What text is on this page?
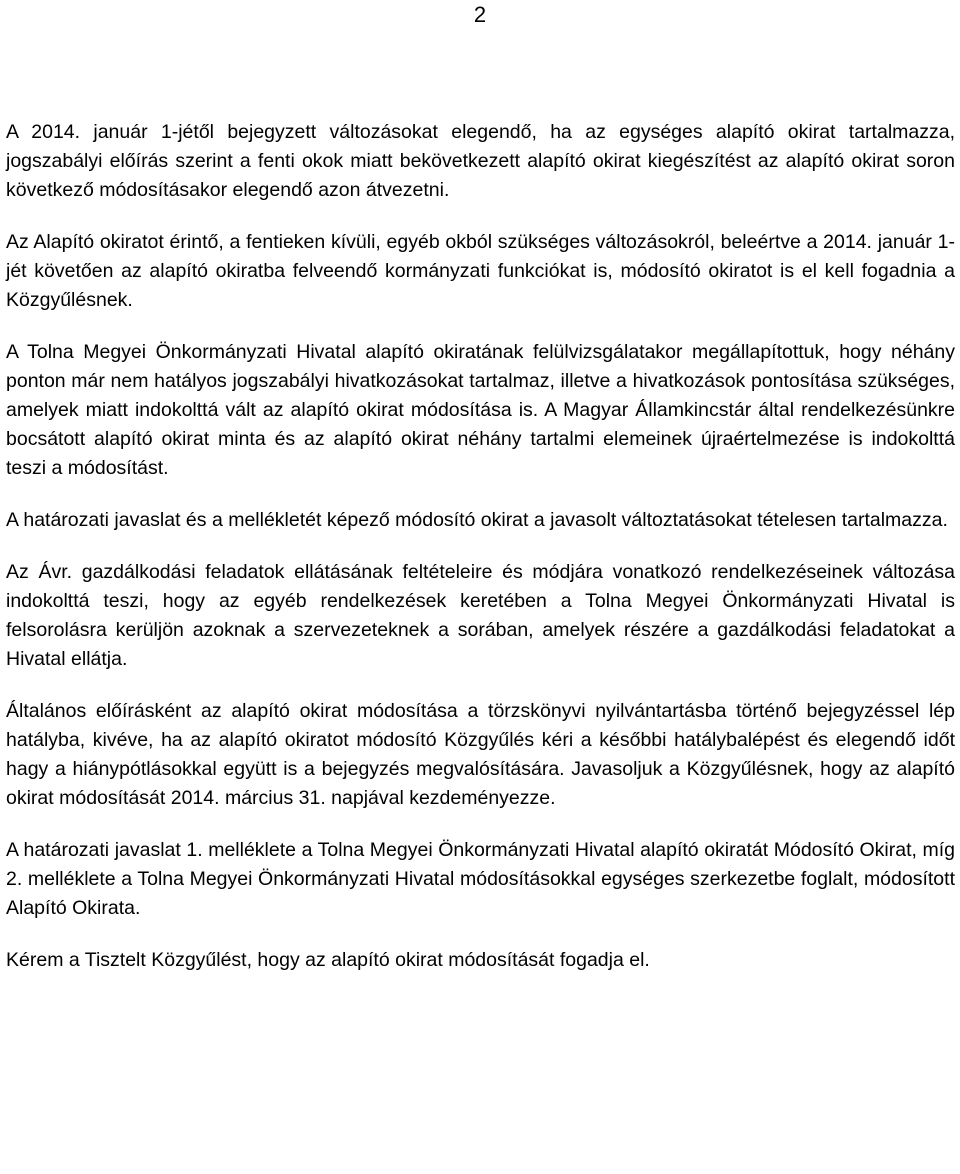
2

A 2014. január 1-jétől bejegyzett változásokat elegendő, ha az egységes alapító okirat tartalmazza, jogszabályi előírás szerint a fenti okok miatt bekövetkezett alapító okirat kiegészítést az alapító okirat soron következő módosításakor elegendő azon átvezetni.

Az Alapító okiratot érintő, a fentieken kívüli, egyéb okból szükséges változásokról, beleértve a 2014. január 1-jét követően az alapító okiratba felveendő kormányzati funkciókat is, módosító okiratot is el kell fogadnia a Közgyűlésnek.

A Tolna Megyei Önkormányzati Hivatal alapító okiratának felülvizsgálatakor megállapítottuk, hogy néhány ponton már nem hatályos jogszabályi hivatkozásokat tartalmaz, illetve a hivatkozások pontosítása szükséges, amelyek miatt indokolttá vált az alapító okirat módosítása is. A Magyar Államkincstár által rendelkezésünkre bocsátott alapító okirat minta és az alapító okirat néhány tartalmi elemeinek újraértelmezése is indokolttá teszi a módosítást.

A határozati javaslat és a mellékletét képező módosító okirat a javasolt változtatásokat tételesen tartalmazza.

Az Ávr. gazdálkodási feladatok ellátásának feltételeire és módjára vonatkozó rendelkezéseinek változása indokolttá teszi, hogy az egyéb rendelkezések keretében a Tolna Megyei Önkormányzati Hivatal is felsorolásra kerüljön azoknak a szervezeteknek a sorában, amelyek részére a gazdálkodási feladatokat a Hivatal ellátja.

Általános előírásként az alapító okirat módosítása a törzskönyvi nyilvántartásba történő bejegyzéssel lép hatályba, kivéve, ha az alapító okiratot módosító Közgyűlés kéri a későbbi hatálybalépést és elegendő időt hagy a hiánypótlásokkal együtt is a bejegyzés megvalósítására. Javasoljuk a Közgyűlésnek, hogy az alapító okirat módosítását 2014. március 31. napjával kezdeményezze.

A határozati javaslat 1. melléklete a Tolna Megyei Önkormányzati Hivatal alapító okiratát Módosító Okirat, míg 2. melléklete a Tolna Megyei Önkormányzati Hivatal módosításokkal egységes szerkezetbe foglalt, módosított Alapító Okirata.

Kérem a Tisztelt Közgyűlést, hogy az alapító okirat módosítását fogadja el.
